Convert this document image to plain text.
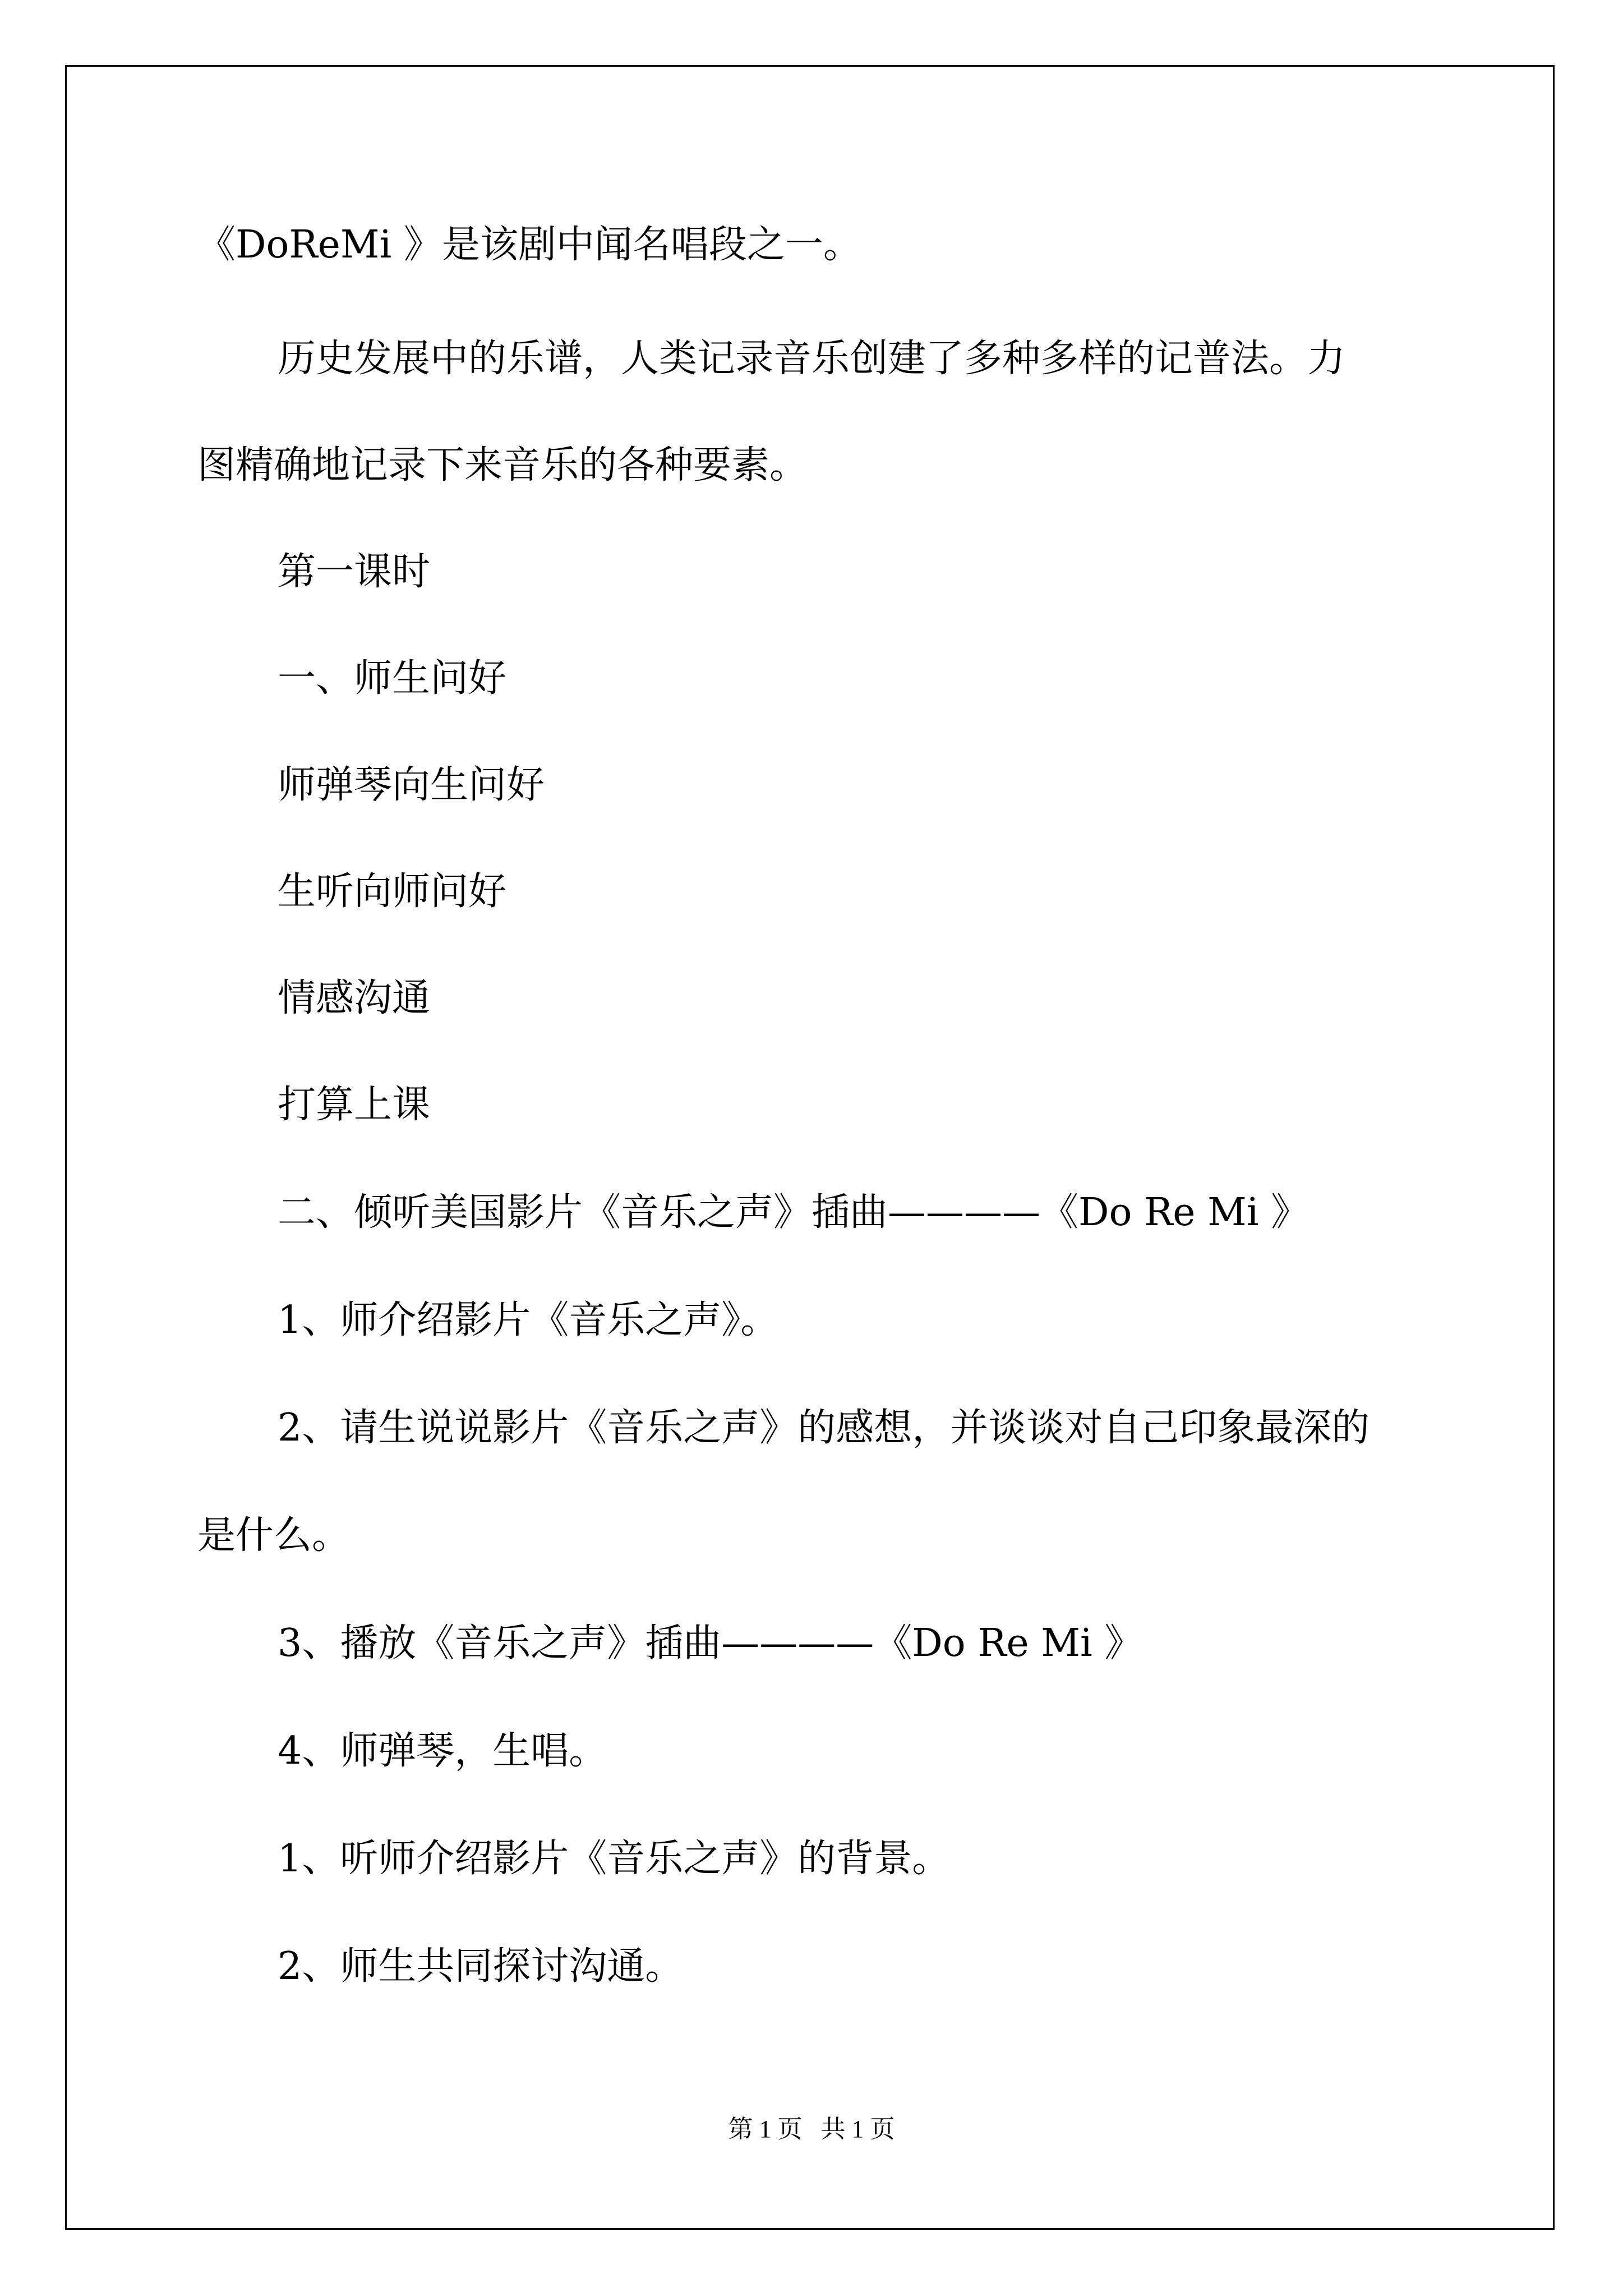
《DoReMi 》是该剧中闻名唱段之一。
历史发展中的乐谱，人类记录音乐创建了多种多样的记普法。力
图精确地记录下来音乐的各种要素。
第一课时
一、师生问好
师弹琴向生问好
生听向师问好
情感沟通
打算上课
二、倾听美国影片《音乐之声》插曲————《Do Re Mi 》
1、师介绍影片《音乐之声》。
2、请生说说影片《音乐之声》的感想，并谈谈对自己印象最深的
是什么。
3、播放《音乐之声》插曲————《Do Re Mi 》
4、师弹琴，生唱。
1、听师介绍影片《音乐之声》的背景。
2、师生共同探讨沟通。
第 1 页   共 1 页
